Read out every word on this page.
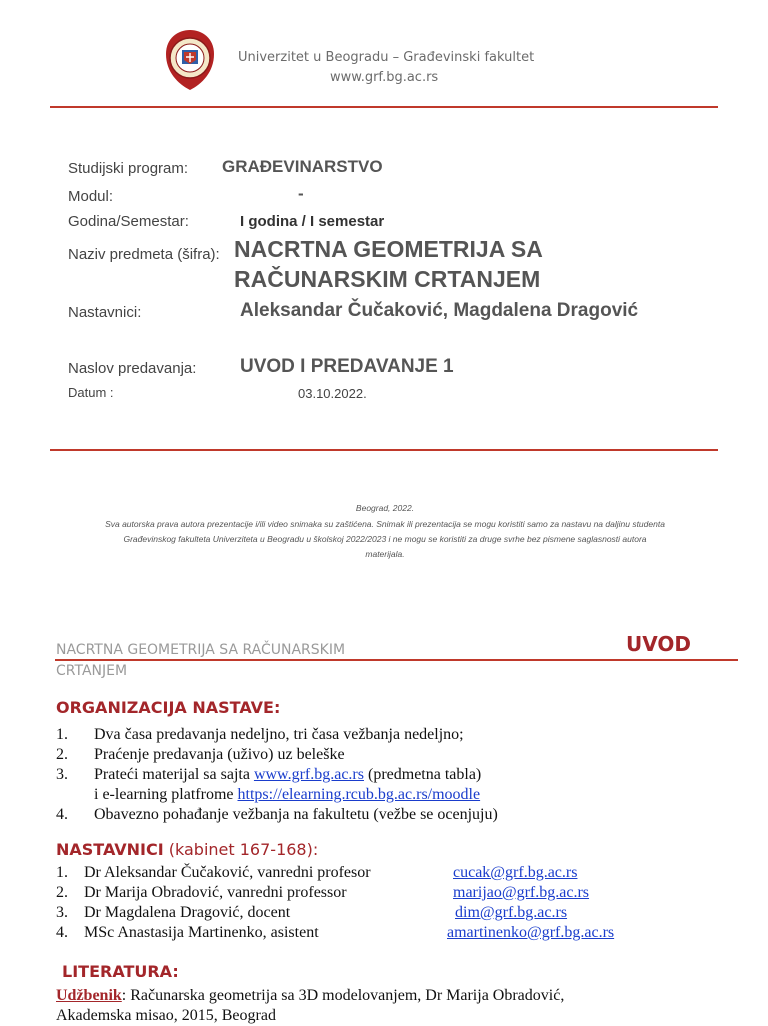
Univerzitet u Beogradu – Građevinski fakultet
www.grf.bg.ac.rs
Studijski program: GRAĐEVINARSTVO
Modul:	-
Godina/Semestar:	I godina / I semestar
Naziv predmeta (šifra): NACRTNA GEOMETRIJA SA
RAČUNARSKIM CRTANJEM
Nastavnici:	Aleksandar Čučaković, Magdalena Dragović
Naslov predavanja: UVOD I PREDAVANJE 1
Datum :	03.10.2022.
Beograd, 2022.
Sva autorska prava autora prezentacije i/ili video snimaka su zaštićena. Snimak ili prezentacija se mogu koristiti samo za nastavu na daljinu studenta
Građevinskog fakulteta Univerziteta u Beogradu u školskoj 2022/2023 i ne mogu se koristiti za druge svrhe bez pismene saglasnosti autora
materijala.
NACRTNA GEOMETRIJA SA RAČUNARSKIM
CRTANJEM
UVOD
ORGANIZACIJA NASTAVE:
1. Dva časa predavanja nedeljno, tri časa vežbanja nedeljno;
2. Praćenje predavanja (uživo) uz beleške
3. Prateći materijal sa sajta www.grf.bg.ac.rs (predmetna tabla)
i e-learning platfrome https://elearning.rcub.bg.ac.rs/moodle
4. Obavezno pohađanje vežbanja na fakultetu (vežbe se ocenjuju)
NASTAVNICI (kabinet 167-168):
1. Dr Aleksandar Čučaković, vanredni profesor	cucak@grf.bg.ac.rs
2. Dr Marija Obradović, vanredni professor	marijao@grf.bg.ac.rs
3. Dr Magdalena Dragović, docent	dim@grf.bg.ac.rs
4. MSc Anastasija Martinenko, asistent	amartinenko@grf.bg.ac.rs
LITERATURA:
Udžbenik: Računarska geometrija sa 3D modelovanjem, Dr Marija Obradović,
Akademska misao, 2015, Beograd
